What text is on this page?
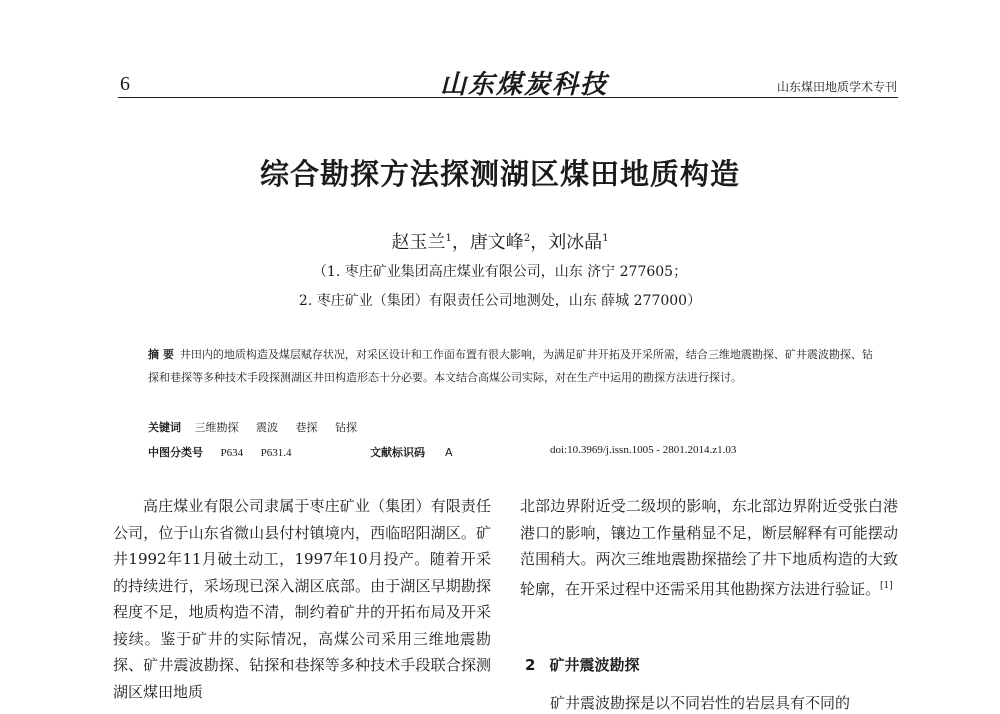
6	山东煤炭科技	山东煤田地质学术专刊
综合勘探方法探测湖区煤田地质构造
赵玉兰$^1$，唐文峰$^2$，刘冰晶$^1$
（1. 枣庄矿业集团高庄煤业有限公司，山东 济宁 277605；
2. 枣庄矿业（集团）有限责任公司地测处，山东 薛城 277000）
摘 要 井田内的地质构造及煤层赋存状况，对采区设计和工作面布置有很大影响，为满足矿井开拓及开采所需，结合三维地震勘探、矿井震波勘探、钻探和巷探等多种技术手段探测湖区井田构造形态十分必要。本文结合高煤公司实际，对在生产中运用的勘探方法进行探讨。
关键词 三维勘探 震波 巷探 钻探
中图分类号 P634 P631.4	文献标识码 A	doi:10.3969/j.issn.1005 - 2801.2014.z1.03

高庄煤业有限公司隶属于枣庄矿业（集团）有限责任公司，位于山东省微山县付村镇境内，西临昭阳湖区。矿井1992年11月破土动工，1997年10月投产。随着开采的持续进行，采场现已深入湖区底部。由于湖区早期勘探程度不足，地质构造不清，制约着矿井的开拓布局及开采接续。鉴于矿井的实际情况，高煤公司采用三维地震勘探、矿井震波勘探、钻探和巷探等多种技术手段联合探测湖区煤田地质

北部边界附近受二级坝的影响，东北部边界附近受张白港港口的影响，镶边工作量稍显不足，断层解释有可能摆动范围稍大。两次三维地震勘探描绘了井下地质构造的大致轮廓，在开采过程中还需采用其他勘探方法进行验证。[1]

2 矿井震波勘探
矿井震波勘探是以不同岩性的岩层具有不同的
